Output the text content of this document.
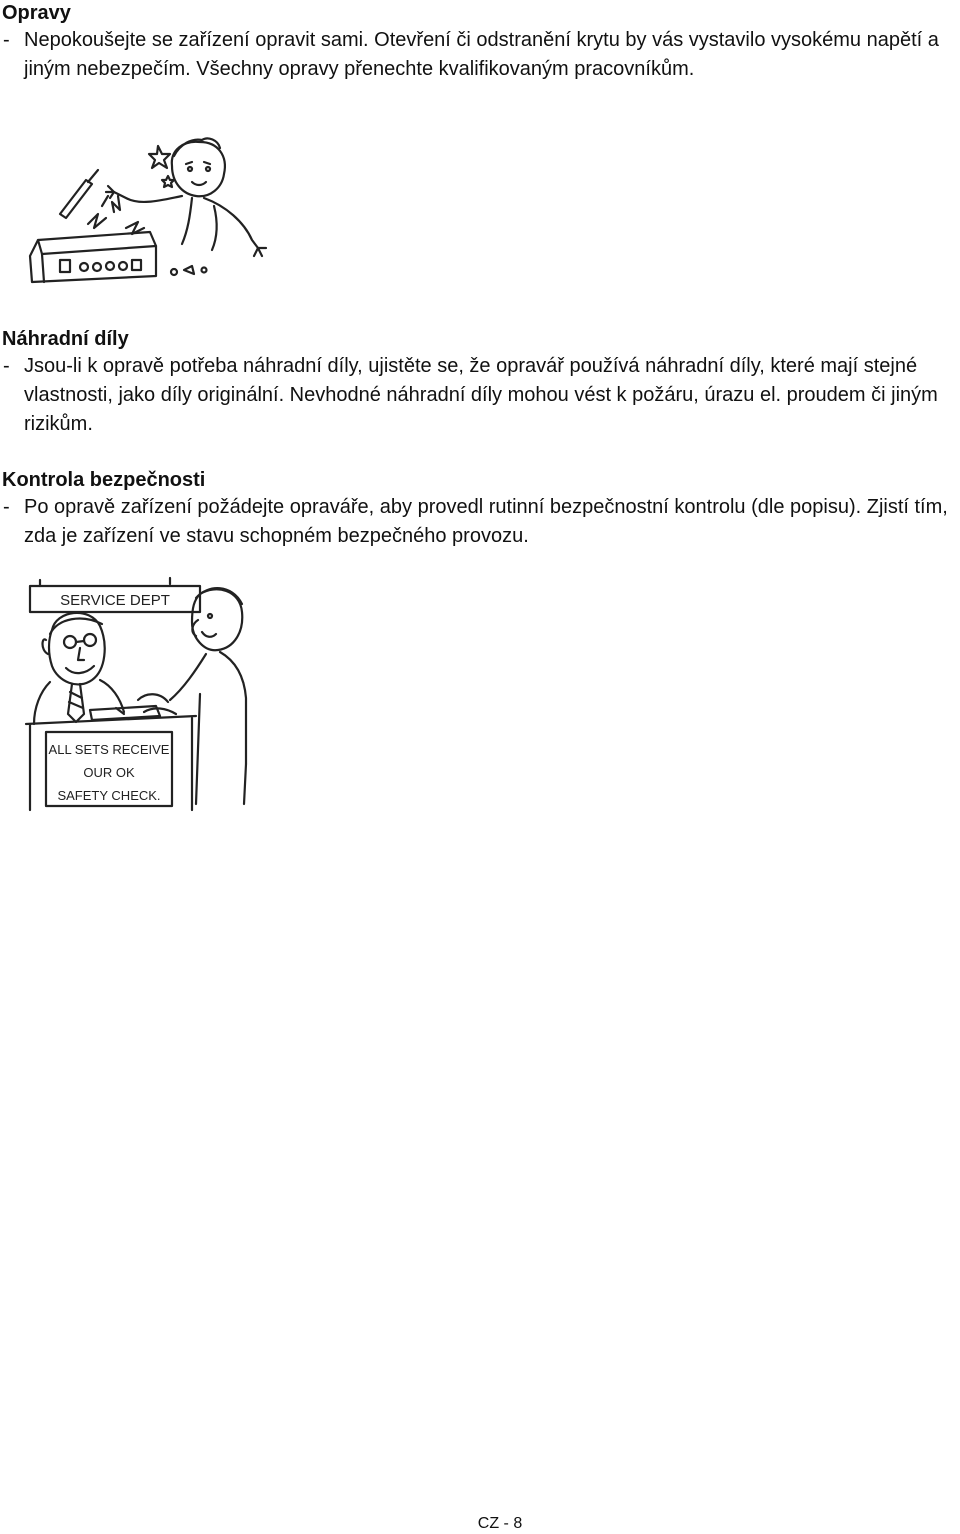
Opravy

- Nepokoušejte se zařízení opravit sami. Otevření či odstranění krytu by vás vystavilo vysokému napětí a jiným nebezpečím. Všechny opravy přenechte kvalifikovaným pracovníkům.

Náhradní díly

- Jsou-li k opravě potřeba náhradní díly, ujistěte se, že opravář používá náhradní díly, které mají stejné vlastnosti, jako díly originální. Nevhodné náhradní díly mohou vést k požáru, úrazu el. proudem či jiným rizikům.

Kontrola bezpečnosti

- Po opravě zařízení požádejte opraváře, aby provedl rutinní bezpečnostní kontrolu (dle popisu). Zjistí tím, zda je zařízení ve stavu schopném bezpečného provozu.

SERVICE DEPT
ALL SETS RECEIVE
OUR OK
SAFETY CHECK.
CZ - 8
